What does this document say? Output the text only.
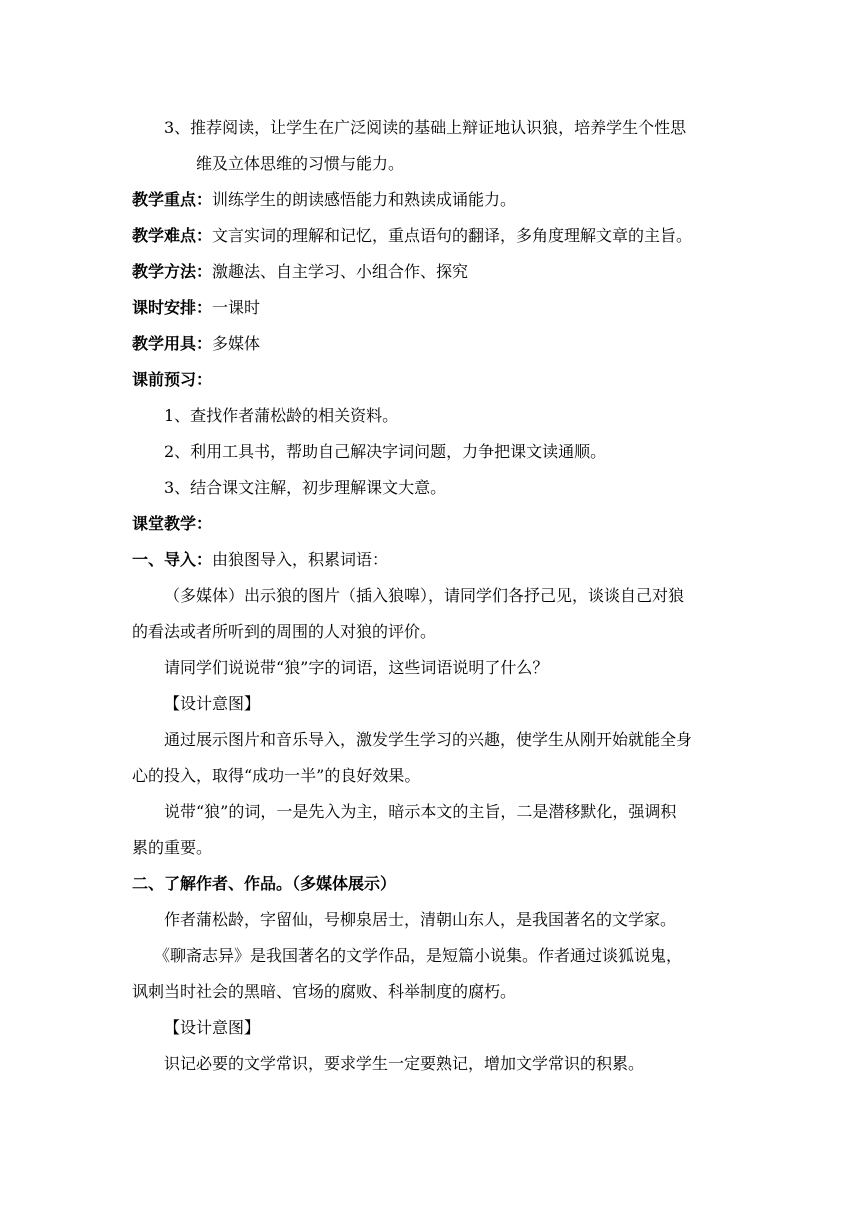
3、推荐阅读，让学生在广泛阅读的基础上辩证地认识狼，培养学生个性思

维及立体思维的习惯与能力。

教学重点：训练学生的朗读感悟能力和熟读成诵能力。

教学难点：文言实词的理解和记忆，重点语句的翻译，多角度理解文章的主旨。

教学方法：激趣法、自主学习、小组合作、探究

课时安排：一课时

教学用具：多媒体

课前预习：

1、查找作者蒲松龄的相关资料。

2、利用工具书，帮助自己解决字词问题，力争把课文读通顺。

3、结合课文注解，初步理解课文大意。

课堂教学：

一、导入：由狼图导入，积累词语：

（多媒体）出示狼的图片（插入狼嗥），请同学们各抒己见，谈谈自己对狼

的看法或者所听到的周围的人对狼的评价。

请同学们说说带“狼”字的词语，这些词语说明了什么？

【设计意图】

通过展示图片和音乐导入，激发学生学习的兴趣，使学生从刚开始就能全身

心的投入，取得“成功一半”的良好效果。

说带“狼”的词，一是先入为主，暗示本文的主旨，二是潜移默化，强调积

累的重要。

二、了解作者、作品。（多媒体展示）

作者蒲松龄，字留仙，号柳泉居士，清朝山东人，是我国著名的文学家。

《聊斋志异》是我国著名的文学作品，是短篇小说集。作者通过谈狐说鬼，

讽刺当时社会的黑暗、官场的腐败、科举制度的腐朽。

【设计意图】

识记必要的文学常识，要求学生一定要熟记，增加文学常识的积累。
